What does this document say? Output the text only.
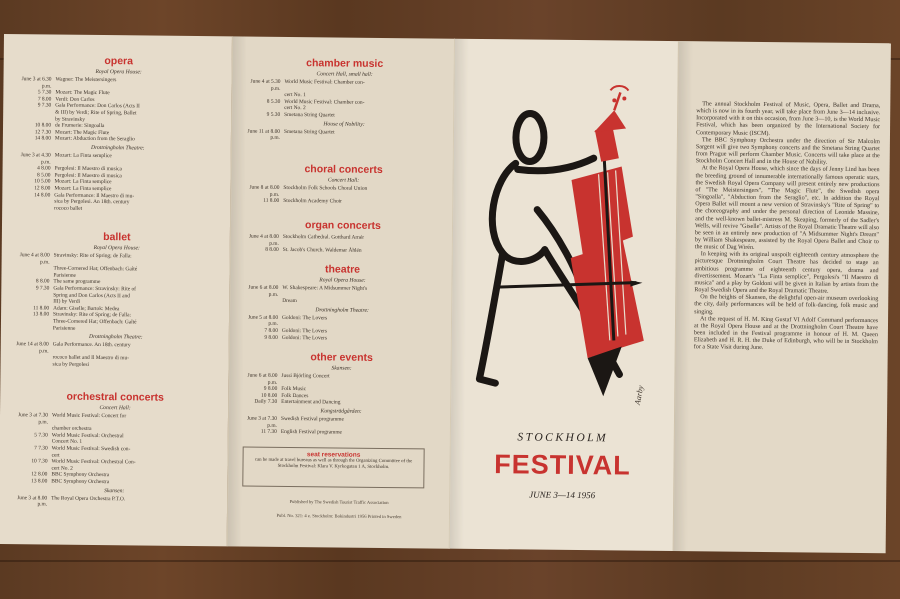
opera

Royal Opera House:
June 3 at 6.30 p.m.
Wagner: The Meistersingers
5 7.30 Mozart: The Magic Flute
7 8.00 Verdi: Don Carlos
9 7.30 Gala Performance: Don Carlos (Acts II
& III) by Verdi; Rite of Spring, Ballet
by Stravinsky
10 8.00 de Frumerie: Singoalla
12 7.30 Mozart: The Magic Flute
14 8.00 Mozart: Abduction from the Seraglio
Drottningholm Theatre:
June 3 at 4.30 p.m.
Mozart: La Finta semplice
4 8.00 Pergolesi: Il Maestro di musica
8 5.00 Pergolesi: Il Maestro di musica
10 5.00 Mozart: La Finta semplice
12 8.00 Mozart: La Finta semplice
14 8.00 Gala Performance: Il Maestro di mu-
sica by Pergolesi. An 18th. century
rococo ballet

ballet

Royal Opera House:
June 4 at 8.00 p.m.
Stravinsky: Rite of Spring; de Falla:
Three-Cornered Hat; Offenbach: Gaîté
Parisienne
8 8.00 The same programme
9 7.30 Gala Performance: Stravinsky: Rite of
Spring and Don Carlos (Acts II and
III) by Verdi
11 8.00 Adam: Giselle; Bartok: Medea
13 8.00 Stravinsky: Rite of Spring; de Falla:
Three-Cornered Hat; Offenbach: Gaîté
Parisienne
Drottningholm Theatre:
June 14 at 8.00 p.m.
Gala Performance. An 18th. century
rococo ballet and Il Maestro di mu-
sica by Pergolesi

orchestral concerts

Concert Hall:
June 3 at 7.30 p.m.
World Music Festival: Concert for
chamber orchestra
5 7.30 World Music Festival: Orchestral
Concert No. 1
7 7.30 World Music Festival: Swedish con-
cert
10 7.30 World Music Festival: Orchestral Con-
cert No. 2
12 8.00 BBC Symphony Orchestra
13 8.00 BBC Symphony Orchestra
Skansen:
June 3 at 8.00 p.m.
The Royal Opera Orchestra P.T.O.

chamber music

Concert Hall, small hall:
June 4 at 5.30 p.m.
World Music Festival: Chamber con-
cert No. 1
8 5.30 World Music Festival: Chamber con-
cert No. 2
9 5.30 Smetana String Quartet
House of Nobility:
June 11 at 8.00 p.m.
Smetana String Quartet

choral concerts

Concert Hall:
June 8 at 8.00 p.m.
Stockholm Folk Schools Choral Union
11 8.00 Stockholm Academy Choir

organ concerts

June 4 at 8.00 p.m.
Stockholm Cathedral. Gotthard Arnér
8 8.00 St. Jacob's Church. Waldemar Åhlén

theatre

Royal Opera House:
June 6 at 8.00 p.m.
W. Shakespeare: A Midsummer Night's
Dream
Drottningholm Theatre:
June 5 at 8.00 p.m.
Goldoni: The Lovers
7 8.00 Goldoni: The Lovers
9 8.00 Goldoni: The Lovers

other events

Skansen:
June 6 at 8.00 p.m.
Jussi Björling Concert
9 8.00 Folk Music
10 8.00 Folk Dances
Daily 7.30 Entertainment and Dancing
Kungsträdgården:
June 3 at 7.30 p.m.
Swedish Festival programme
11 7.30 English Festival programme
seat reservations
can be made at travel bureaus as well as through the Organizing Committee of the Stockholm Festival: Klara V. Kyrkogatan 1 A, Stockholm.
Published by The Swedish Tourist Traffic Association
Publ. No. 321: 4 e. Stockholm: Bokindustri 1956 Printed in Sweden
Aarby
STOCKHOLM
FESTIVAL
JUNE 3—14 1956

The annual Stockholm Festival of Music, Opera, Ballet and Drama, which is now in its fourth year, will take place from June 3—14 inclusive. Incorporated with it on this occasion, from June 3—10, is the World Music Festival, which has been organized by the International Society for Contemporary Music (ISCM).

The BBC Symphony Orchestra under the direction of Sir Malcolm Sargent will give two Symphony concerts and the Smetana String Quartet from Prague will perform Chamber Music. Concerts will take place at the Stockholm Concert Hall and in the House of Nobility.

At the Royal Opera House, which since the days of Jenny Lind has been the breeding ground of innumerable internationally famous operatic stars, the Swedish Royal Opera Company will present entirely new productions of "The Meistersingers", "The Magic Flute", the Swedish opera "Singoalla", "Abduction from the Seraglio", etc. In addition the Royal Opera Ballet will mount a new version of Stravinsky's "Rite of Spring" to the choreography and under the personal direction of Leonide Massine, and the well-known ballet-mistress M. Skeaping, formerly of the Sadler's Wells, will revive "Giselle". Artists of the Royal Dramatic Theatre will also be seen in an entirely new production of "A Midsummer Night's Dream" by William Shakespeare, assisted by the Royal Opera Ballet and Choir to the music of Dag Wirén.

In keeping with its original unspoilt eighteenth century atmosphere the picturesque Drottningholm Court Theatre has decided to stage an ambitious programme of eighteenth century opera, drama and divertissement. Mozart's "La Finta semplice", Pergolesi's "Il Maestro di musica" and a play by Goldoni will be given in Italian by artists from the Royal Swedish Opera and the Royal Dramatic Theatre.

On the heights of Skansen, the delightful open-air museum overlooking the city, daily performances will be held of folk-dancing, folk music and singing.

At the request of H. M. King Gustaf VI Adolf Command performances at the Royal Opera House and at the Drottningholm Court Theatre have been included in the Festival programme in honour of H. M. Queen Elizabeth and H. R. H. the Duke of Edinburgh, who will be in Stockholm for a State Visit during June.
